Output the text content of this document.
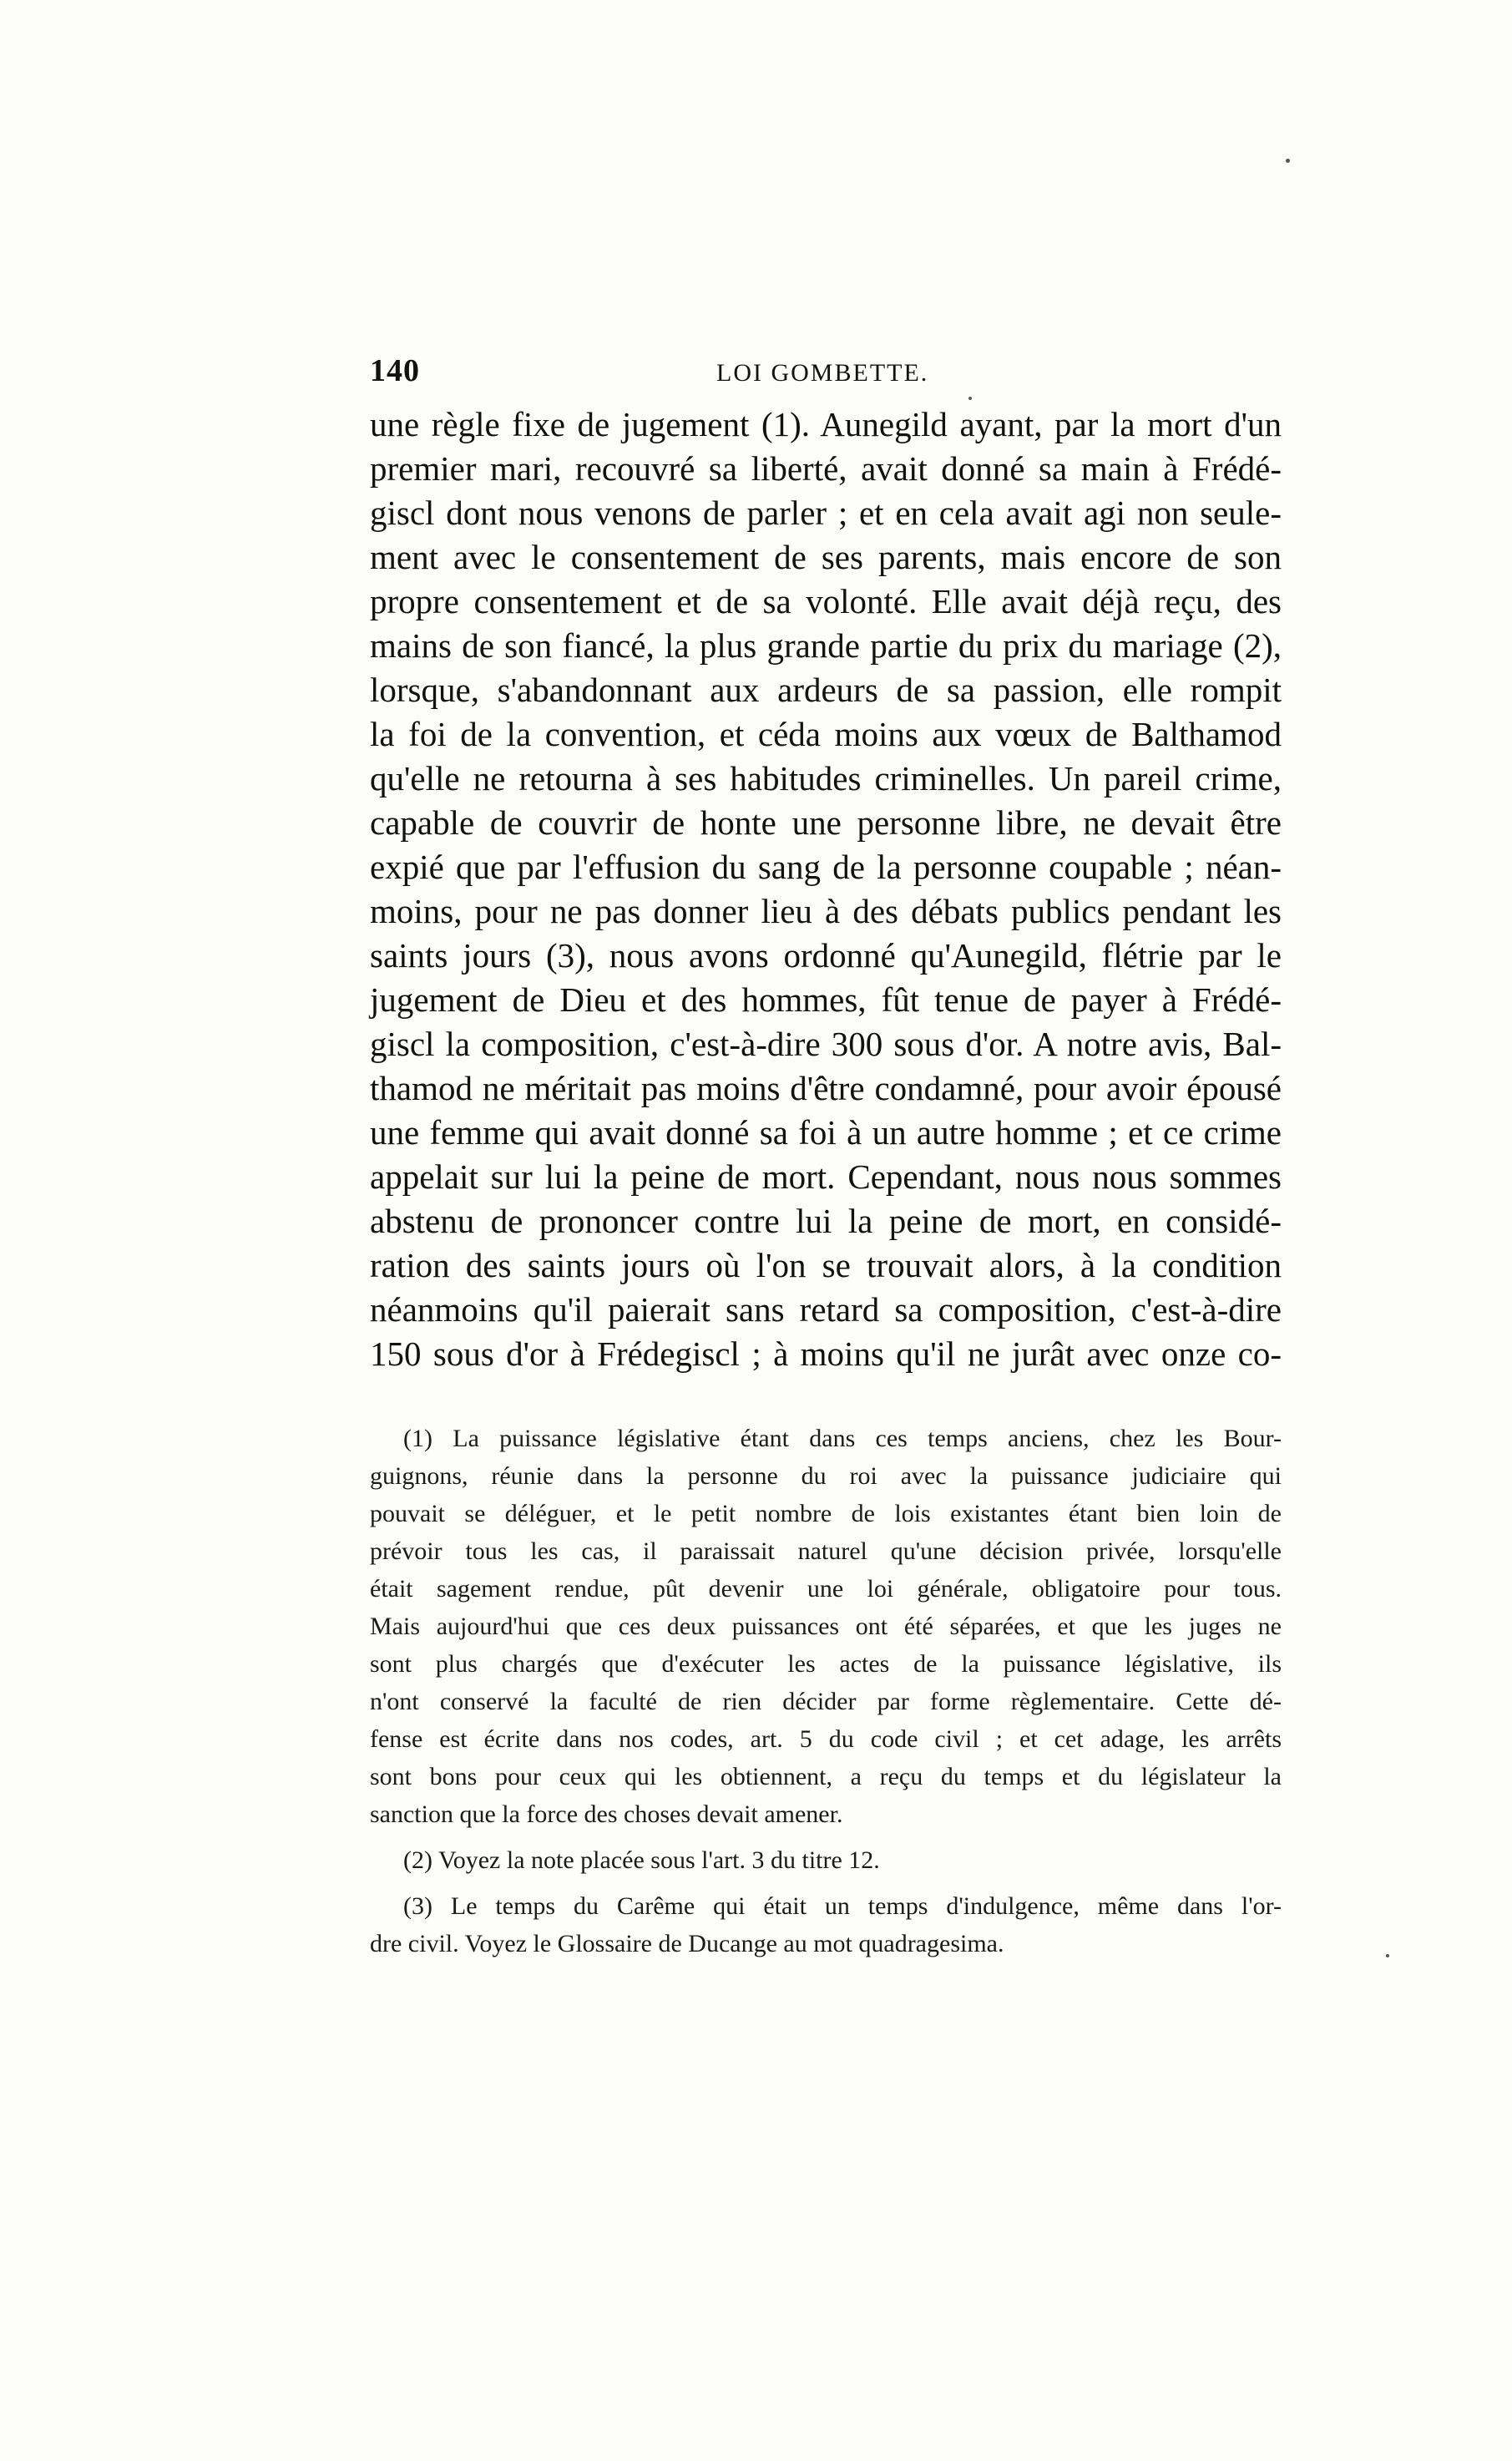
140	LOI GOMBETTE.
une règle fixe de jugement (1). Aunegild ayant, par la mort d'un
premier mari, recouvré sa liberté, avait donné sa main à Frédé-
giscl dont nous venons de parler ; et en cela avait agi non seule-
ment avec le consentement de ses parents, mais encore de son
propre consentement et de sa volonté. Elle avait déjà reçu, des
mains de son fiancé, la plus grande partie du prix du mariage (2),
lorsque, s'abandonnant aux ardeurs de sa passion, elle rompit
la foi de la convention, et céda moins aux vœux de Balthamod
qu'elle ne retourna à ses habitudes criminelles. Un pareil crime,
capable de couvrir de honte une personne libre, ne devait être
expié que par l'effusion du sang de la personne coupable ; néan-
moins, pour ne pas donner lieu à des débats publics pendant les
saints jours (3), nous avons ordonné qu'Aunegild, flétrie par le
jugement de Dieu et des hommes, fût tenue de payer à Frédé-
giscl la composition, c'est-à-dire 300 sous d'or. A notre avis, Bal-
thamod ne méritait pas moins d'être condamné, pour avoir épousé
une femme qui avait donné sa foi à un autre homme ; et ce crime
appelait sur lui la peine de mort. Cependant, nous nous sommes
abstenu de prononcer contre lui la peine de mort, en considé-
ration des saints jours où l'on se trouvait alors, à la condition
néanmoins qu'il paierait sans retard sa composition, c'est-à-dire
150 sous d'or à Frédegiscl ; à moins qu'il ne jurât avec onze co-
(1) La puissance législative étant dans ces temps anciens, chez les Bour-
guignons, réunie dans la personne du roi avec la puissance judiciaire qui
pouvait se déléguer, et le petit nombre de lois existantes étant bien loin de
prévoir tous les cas, il paraissait naturel qu'une décision privée, lorsqu'elle
était sagement rendue, pût devenir une loi générale, obligatoire pour tous.
Mais aujourd'hui que ces deux puissances ont été séparées, et que les juges ne
sont plus chargés que d'exécuter les actes de la puissance législative, ils
n'ont conservé la faculté de rien décider par forme règlementaire. Cette dé-
fense est écrite dans nos codes, art. 5 du code civil ; et cet adage, les arrêts
sont bons pour ceux qui les obtiennent, a reçu du temps et du législateur la
sanction que la force des choses devait amener.
(2) Voyez la note placée sous l'art. 3 du titre 12.
(3) Le temps du Carême qui était un temps d'indulgence, même dans l'or-
dre civil. Voyez le Glossaire de Ducange au mot quadragesima.
